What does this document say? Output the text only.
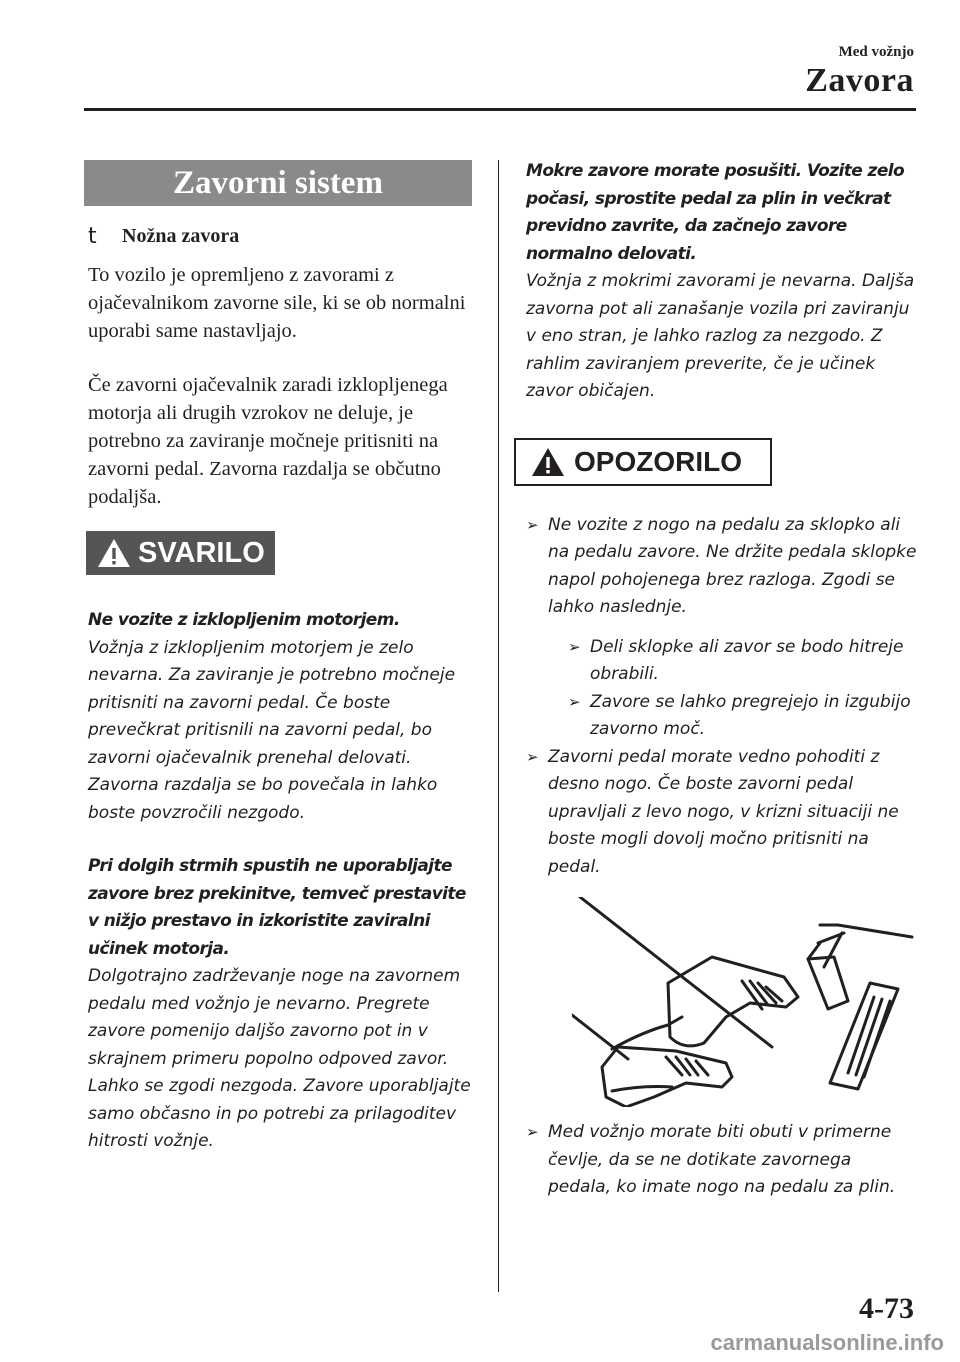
Med vožnjo
Zavora
Zavorni sistem
t	Nožna zavora

To vozilo je opremljeno z zavorami z ojačevalnikom zavorne sile, ki se ob normalni uporabi same nastavljajo.

Če zavorni ojačevalnik zaradi izklopljenega motorja ali drugih vzrokov ne deluje, je potrebno za zaviranje močneje pritisniti na zavorni pedal. Zavorna razdalja se občutno podaljša.

SVARILO

Ne vozite z izklopljenim motorjem.

Vožnja z izklopljenim motorjem je zelo nevarna. Za zaviranje je potrebno močneje pritisniti na zavorni pedal. Če boste prevečkrat pritisnili na zavorni pedal, bo zavorni ojačevalnik prenehal delovati. Zavorna razdalja se bo povečala in lahko boste povzročili nezgodo.

Pri dolgih strmih spustih ne uporabljajte zavore brez prekinitve, temveč prestavite v nižjo prestavo in izkoristite zaviralni učinek motorja.

Dolgotrajno zadrževanje noge na zavornem pedalu med vožnjo je nevarno. Pregrete zavore pomenijo daljšo zavorno pot in v skrajnem primeru popolno odpoved zavor. Lahko se zgodi nezgoda. Zavore uporabljajte samo občasno in po potrebi za prilagoditev hitrosti vožnje.

Mokre zavore morate posušiti. Vozite zelo počasi, sprostite pedal za plin in večkrat previdno zavrite, da začnejo zavore normalno delovati.

Vožnja z mokrimi zavorami je nevarna. Daljša zavorna pot ali zanašanje vozila pri zaviranju v eno stran, je lahko razlog za nezgodo. Z rahlim zaviranjem preverite, če je učinek zavor običajen.

OPOZORILO
➢ Ne vozite z nogo na pedalu za sklopko ali na pedalu zavore. Ne držite pedala sklopke napol pohojenega brez razloga. Zgodi se lahko naslednje.
➢ Deli sklopke ali zavor se bodo hitreje obrabili.
➢ Zavore se lahko pregrejejo in izgubijo zavorno moč.
➢ Zavorni pedal morate vedno pohoditi z desno nogo. Če boste zavorni pedal upravljali z levo nogo, v krizni situaciji ne boste mogli dovolj močno pritisniti na pedal.
➢ Med vožnjo morate biti obuti v primerne čevlje, da se ne dotikate zavornega pedala, ko imate nogo na pedalu za plin.
4-73
carmanualsonline.info
